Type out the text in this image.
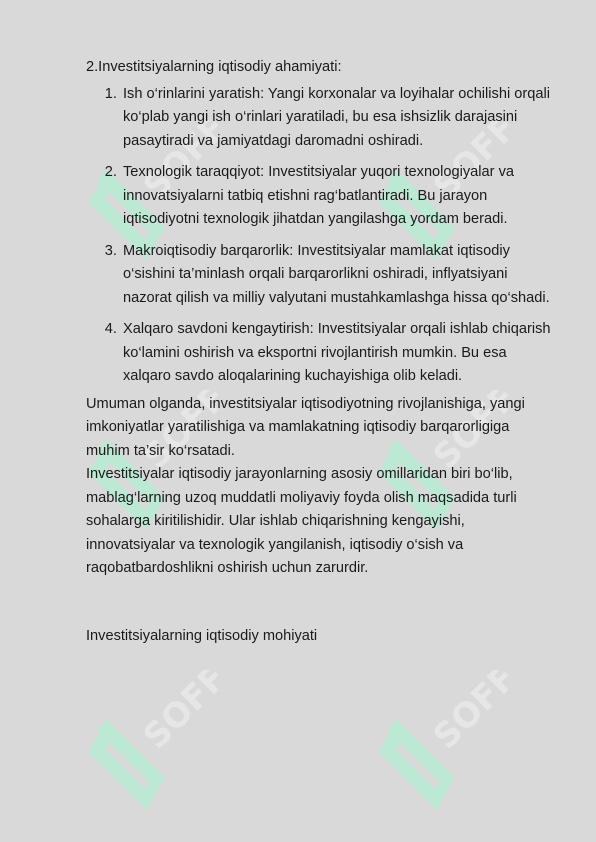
SOFF	SOFF
SOFF	SOFF
SOFF	SOFF

2.Investitsiyalarning iqtisodiy ahamiyati:

1. Ish o‘rinlarini yaratish: Yangi korxonalar va loyihalar ochilishi orqali ko‘plab yangi ish o‘rinlari yaratiladi, bu esa ishsizlik darajasini pasaytiradi va jamiyatdagi daromadni oshiradi.
2. Texnologik taraqqiyot: Investitsiyalar yuqori texnologiyalar va innovatsiyalarni tatbiq etishni rag‘batlantiradi. Bu jarayon iqtisodiyotni texnologik jihatdan yangilashga yordam beradi.
3. Makroiqtisodiy barqarorlik: Investitsiyalar mamlakat iqtisodiy o‘sishini ta’minlash orqali barqarorlikni oshiradi, inflyatsiyani nazorat qilish va milliy valyutani mustahkamlashga hissa qo‘shadi.
4. Xalqaro savdoni kengaytirish: Investitsiyalar orqali ishlab chiqarish ko‘lamini oshirish va eksportni rivojlantirish mumkin. Bu esa xalqaro savdo aloqalarining kuchayishiga olib keladi.

Umuman olganda, investitsiyalar iqtisodiyotning rivojlanishiga, yangi imkoniyatlar yaratilishiga va mamlakatning iqtisodiy barqarorligiga muhim ta’sir ko‘rsatadi.

Investitsiyalar iqtisodiy jarayonlarning asosiy omillaridan biri bo‘lib, mablag‘larning uzoq muddatli moliyaviy foyda olish maqsadida turli sohalarga kiritilishidir. Ular ishlab chiqarishning kengayishi, innovatsiyalar va texnologik yangilanish, iqtisodiy o‘sish va raqobatbardoshlikni oshirish uchun zarurdir.

Investitsiyalarning iqtisodiy mohiyati
